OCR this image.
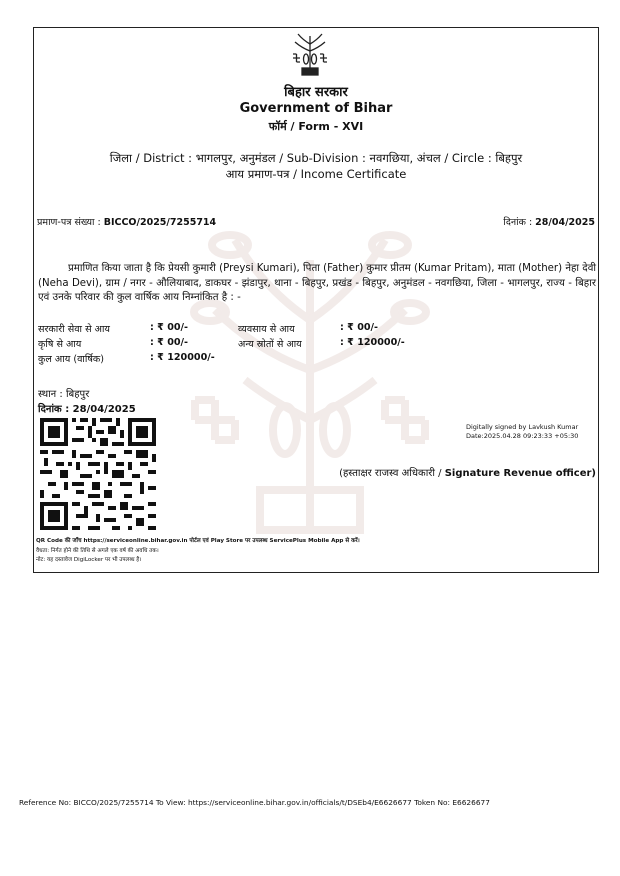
बिहार सरकार
Government of Bihar
फॉर्म / Form - XVI
जिला / District : भागलपुर, अनुमंडल / Sub-Division : नवगछिया, अंचल / Circle : बिहपुर
आय प्रमाण-पत्र / Income Certificate
प्रमाण-पत्र संख्या : BICCO/2025/7255714	दिनांक : 28/04/2025

प्रमाणित किया जाता है कि प्रेयसी कुमारी (Preysi Kumari), पिता (Father) कुमार प्रीतम (Kumar Pritam), माता (Mother) नेहा देवी (Neha Devi), ग्राम / नगर - औलियाबाद, डाकघर - झंडापुर, थाना - बिहपुर, प्रखंड - बिहपुर, अनुमंडल - नवगछिया, जिला - भागलपुर, राज्य - बिहार एवं उनके परिवार की कुल वार्षिक आय निम्नांकित है : -

सरकारी सेवा से आय	: ₹ 00/-	व्यवसाय से आय	: ₹ 00/-
कृषि से आय	: ₹ 00/-	अन्य स्रोतों से आय	: ₹ 120000/-
कुल आय (वार्षिक)	: ₹ 120000/-
स्थान : बिहपुर
दिनांक : 28/04/2025
Digitally signed by Lavkush Kumar
Date:2025.04.28 09:23:33 +05:30
(हस्ताक्षर राजस्व अधिकारी / Signature Revenue officer)
QR Code की जाँच https://serviceonline.bihar.gov.in पोर्टल एवं Play Store पर उपलब्ध ServicePlus Mobile App से करें।
वैधता: निर्गत होने की तिथि से अगले एक वर्ष की अवधि तक।
नोट: यह दस्तावेज DigiLocker पर भी उपलब्ध है।
Reference No: BICCO/2025/7255714 To View: https://serviceonline.bihar.gov.in/officials/t/DSEb4/E6626677 Token No: E6626677
